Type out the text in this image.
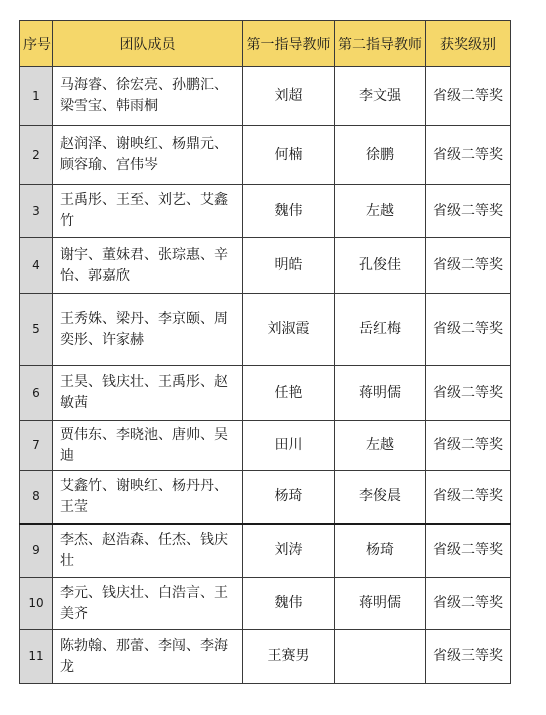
序号	团队成员	第一指导教师	第二指导教师	获奖级别
1	马海睿、徐宏亮、孙鹏汇、梁雪宝、韩雨桐	刘超	李文强	省级二等奖
2	赵润泽、谢映红、杨鼎元、顾容瑜、宫伟岑	何楠	徐鹏	省级二等奖
3	王禹彤、王至、刘艺、艾鑫竹	魏伟	左越	省级二等奖
4	谢宇、董妹君、张琮惠、辛怡、郭嘉欣	明皓	孔俊佳	省级二等奖
5	王秀姝、梁丹、李京颐、周奕彤、许家赫	刘淑霞	岳红梅	省级二等奖
6	王昊、钱庆壮、王禹彤、赵敏茜	任艳	蒋明儒	省级二等奖
7	贾伟东、李晓池、唐帅、吴迪	田川	左越	省级二等奖
8	艾鑫竹、谢映红、杨丹丹、王莹	杨琦	李俊晨	省级二等奖
9	李杰、赵浩森、任杰、钱庆壮	刘涛	杨琦	省级二等奖
10	李元、钱庆壮、白浩言、王美齐	魏伟	蒋明儒	省级二等奖
11	陈勃翰、那蕾、李闯、李海龙	王赛男		省级三等奖
